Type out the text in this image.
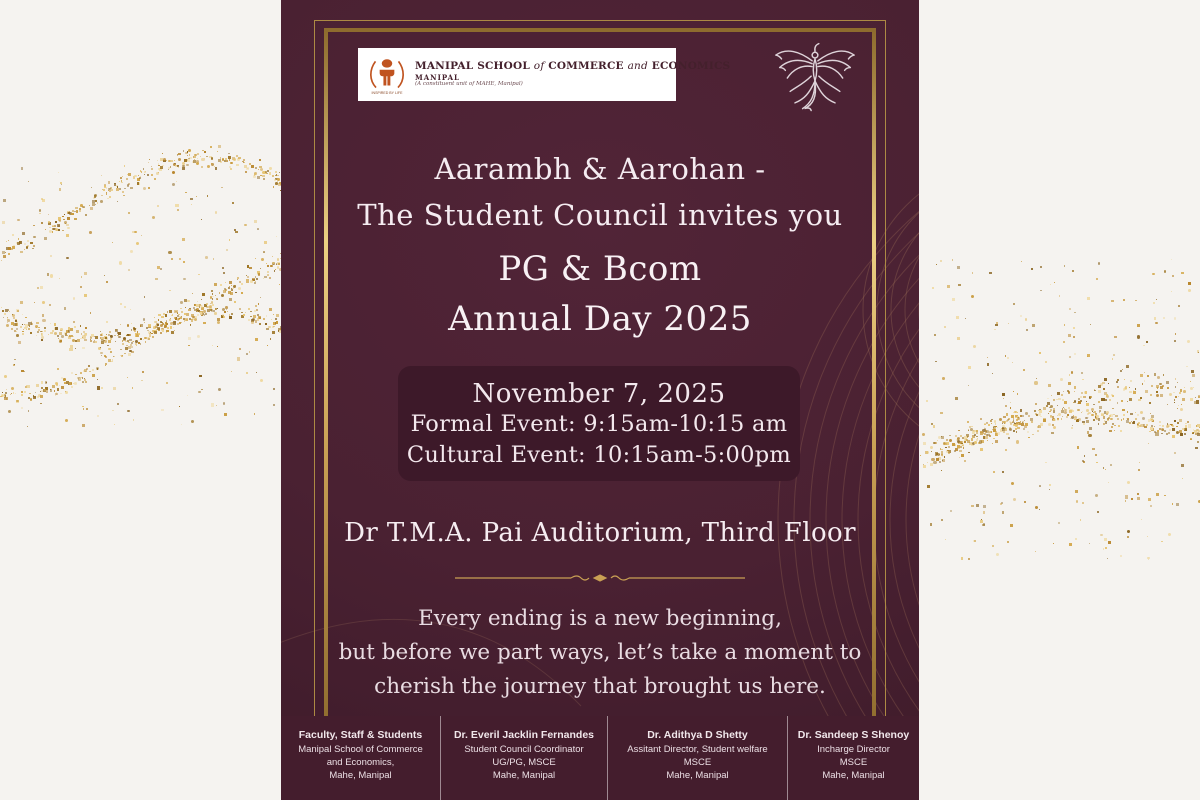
INSPIRED BY LIFE
MANIPAL SCHOOL of COMMERCE and ECONOMICS
MANIPAL
(A constituent unit of MAHE, Manipal)
Aarambh & Aarohan -
The Student Council invites you
PG & Bcom
Annual Day 2025
November 7, 2025
Formal Event: 9:15am-10:15 am
Cultural Event: 10:15am-5:00pm
Dr T.M.A. Pai Auditorium, Third Floor
Every ending is a new beginning,
but before we part ways, let’s take a moment to
cherish the journey that brought us here.
Faculty, Staff & Students
Manipal School of Commerce
and Economics,
Mahe, Manipal
Dr. Everil Jacklin Fernandes
Student Council Coordinator
UG/PG, MSCE
Mahe, Manipal
Dr. Adithya D Shetty
Assitant Director, Student welfare
MSCE
Mahe, Manipal
Dr. Sandeep S Shenoy
Incharge Director
MSCE
Mahe, Manipal
